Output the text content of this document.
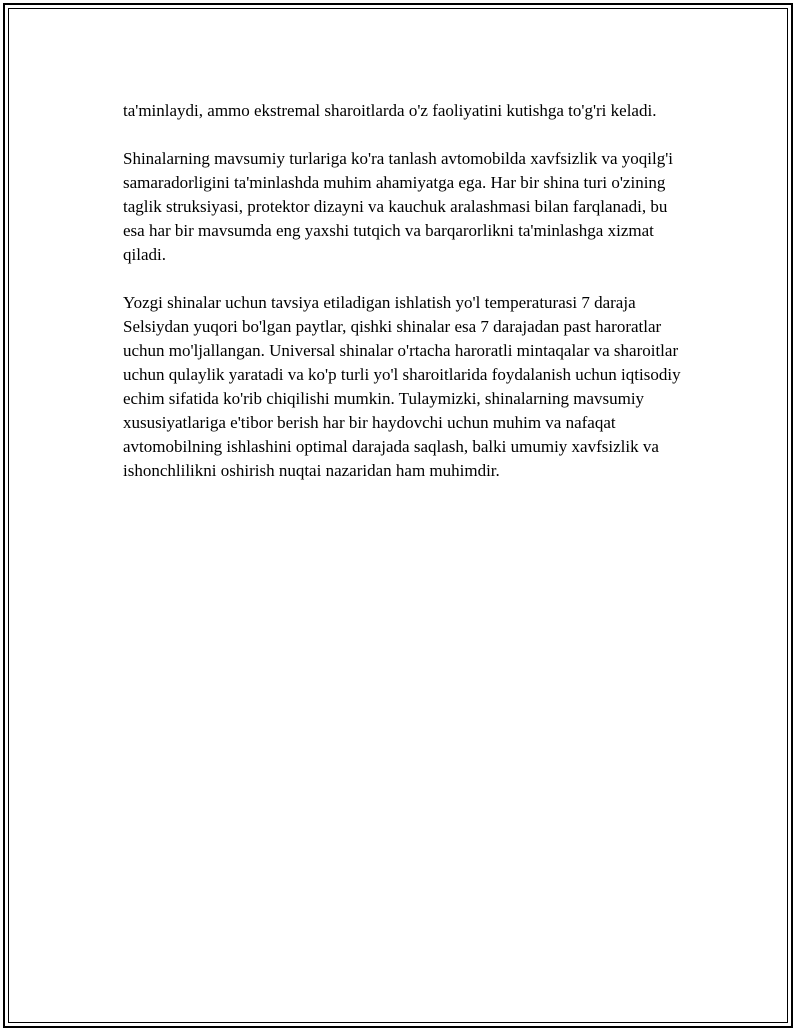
ta'minlaydi, ammo ekstremal sharoitlarda o'z faoliyatini kutishga to'g'ri keladi.

Shinalarning mavsumiy turlariga ko'ra tanlash avtomobilda xavfsizlik va yoqilg'i samaradorligini ta'minlashda muhim ahamiyatga ega. Har bir shina turi o'zining taglik struksiyasi, protektor dizayni va kauchuk aralashmasi bilan farqlanadi, bu esa har bir mavsumda eng yaxshi tutqich va barqarorlikni ta'minlashga xizmat qiladi.

Yozgi shinalar uchun tavsiya etiladigan ishlatish yo'l temperaturasi 7 daraja Selsiydan yuqori bo'lgan paytlar, qishki shinalar esa 7 darajadan past haroratlar uchun mo'ljallangan. Universal shinalar o'rtacha haroratli mintaqalar va sharoitlar uchun qulaylik yaratadi va ko'p turli yo'l sharoitlarida foydalanish uchun iqtisodiy echim sifatida ko'rib chiqilishi mumkin. Tulaymizki, shinalarning mavsumiy xususiyatlariga e'tibor berish har bir haydovchi uchun muhim va nafaqat avtomobilning ishlashini optimal darajada saqlash, balki umumiy xavfsizlik va ishonchlilikni oshirish nuqtai nazaridan ham muhimdir.
